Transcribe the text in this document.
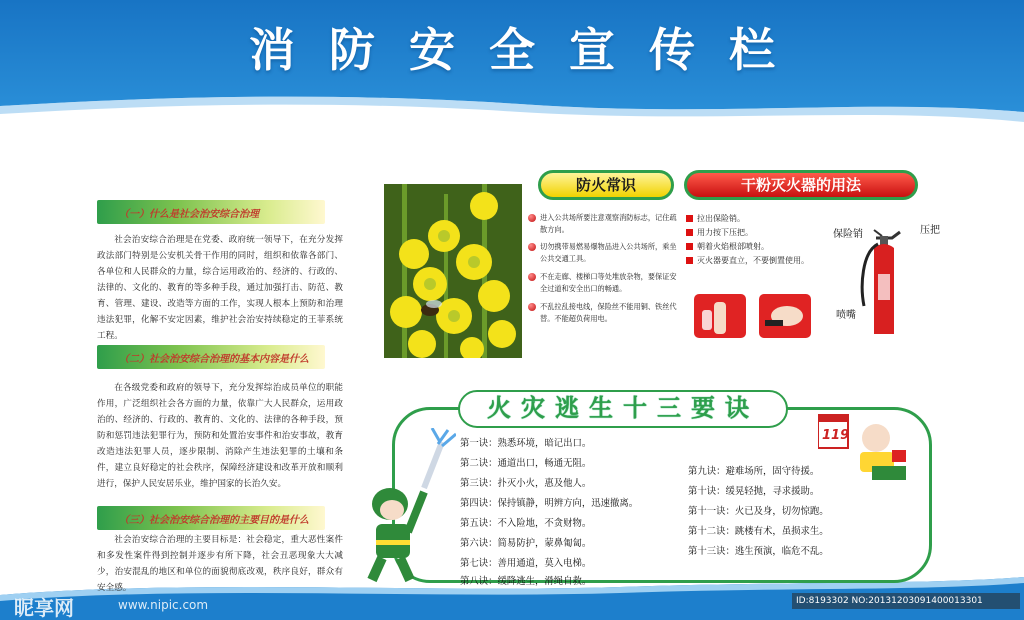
消防安全宣传栏
（一）什么是社会治安综合治理
社会治安综合治理是在党委、政府统一领导下，在充分发挥政法部门特别是公安机关骨干作用的同时，组织和依靠各部门、各单位和人民群众的力量，综合运用政治的、经济的、行政的、法律的、文化的、教育的等多种手段，通过加强打击、防范、教育、管理、建设、改造等方面的工作，实现人根本上预防和治理违法犯罪，化解不安定因素，维护社会治安持续稳定的王菲系统工程。
（二）社会治安综合治理的基本内容是什么
在各级党委和政府的领导下，充分发挥综治成员单位的职能作用，广泛组织社会各方面的力量，依靠广大人民群众，运用政治的、经济的、行政的、教育的、文化的、法律的各种手段，预防和惩罚违法犯罪行为，预防和处置治安事件和治安事故，教育改造违法犯罪人员，逐步限制、消除产生违法犯罪的土壤和条件，建立良好稳定的社会秩序，保障经济建设和改革开放和顺利进行，保护人民安居乐业，维护国家的长治久安。
（三）社会治安综合治理的主要目的是什么
社会治安综合治理的主要目标是：社会稳定，重大恶性案件和多发性案件得到控制并逐步有所下降，社会丑恶现象大大减少，治安混乱的地区和单位的面貌彻底改观，秩序良好，群众有安全感。
防火常识
进入公共场所要注意观察消防标志，记住疏散方向。
切勿携带易燃易爆物品进入公共场所，乘坐公共交通工具。
不在走廊、楼梯口等处堆放杂物，要保证安全过道和安全出口的畅通。
不乱拉乱接电线，保险丝不能用铜、铁丝代替。不能超负荷用电。
干粉灭火器的用法
拉出保险销。
用力按下压把。
朝着火焰根部喷射。
灭火器要直立，不要倒置使用。
保险销	压把
喷嘴
火灾逃生十三要诀
第一诀：熟悉环境，暗记出口。
第二诀：通道出口，畅通无阻。
第三诀：扑灭小火，惠及他人。
第四诀：保持镇静，明辨方向，迅速撤离。
第五诀：不入险地，不贪财物。
第六诀：简易防护，蒙鼻匍匐。
第七诀：善用通道，莫入电梯。
第八诀：缓降逃生，滑绳自救。
第九诀：避难场所，固守待援。
第十诀：缓晃轻抛，寻求援助。
第十一诀：火已及身，切勿惊跑。
第十二诀：跳楼有术，虽损求生。
第十三诀：逃生预演，临危不乱。
119
昵享网	www.nipic.com	ID:8193302 NO:20131203091400013301
